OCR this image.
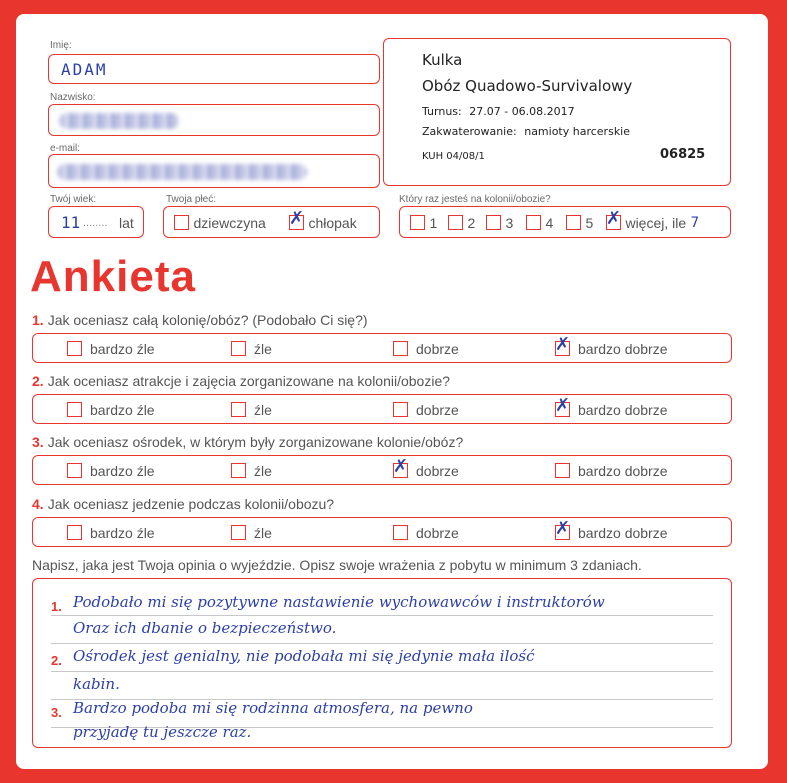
Imię:
ADAM
Nazwisko:
e-mail:
Twój wiek:
11 ........ lat
Twoja płeć:
dziewczyna ✗ chłopak
Kulka
Obóz Quadowo-Survivalowy
Turnus: 27.07 - 06.08.2017
Zakwaterowanie: namioty harcerskie
KUH 04/08/1	06825
Który raz jesteś na kolonii/obozie?
1	2	3	4	5 ✗ więcej, ile 7
Ankieta
1. Jak oceniasz całą kolonię/obóz? (Podobało Ci się?)
bardzo źle	źle	dobrze	✗ bardzo dobrze
2. Jak oceniasz atrakcje i zajęcia zorganizowane na kolonii/obozie?
bardzo źle	źle	dobrze	✗ bardzo dobrze
3. Jak oceniasz ośrodek, w którym były zorganizowane kolonie/obóz?
bardzo źle	źle	✗ dobrze	bardzo dobrze
4. Jak oceniasz jedzenie podczas kolonii/obozu?
bardzo źle	źle	dobrze	✗ bardzo dobrze
Napisz, jaka jest Twoja opinia o wyjeździe. Opisz swoje wrażenia z pobytu w minimum 3 zdaniach.
1. Podobało mi się pozytywne nastawienie wychowawców i instruktorów
Oraz ich dbanie o bezpieczeństwo.
2. Ośrodek jest genialny, nie podobała mi się jedynie mała ilość
kabin.
3. Bardzo podoba mi się rodzinna atmosfera, na pewno
przyjadę tu jeszcze raz.
